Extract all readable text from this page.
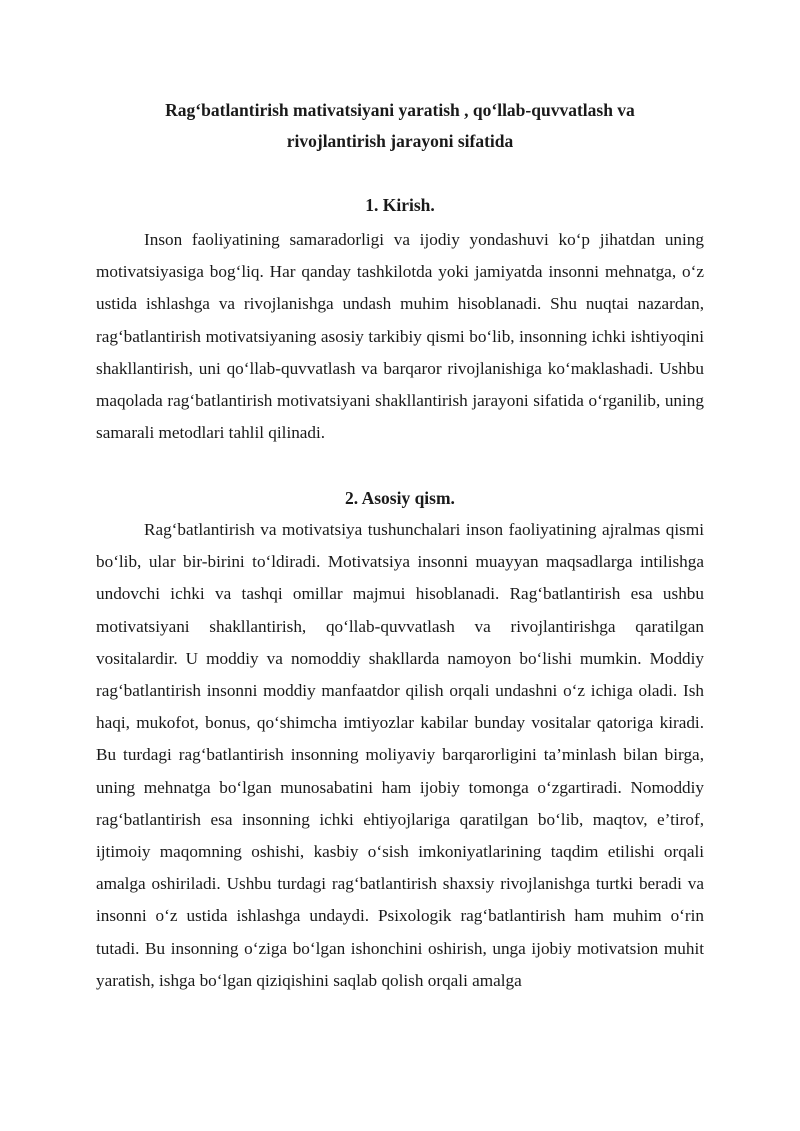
Rag‘batlantirish mativatsiyani yaratish , qo‘llab-quvvatlash va
rivojlantirish jarayoni sifatida
1. Kirish.

Inson faoliyatining samaradorligi va ijodiy yondashuvi ko‘p jihatdan uning motivatsiyasiga bog‘liq. Har qanday tashkilotda yoki jamiyatda insonni mehnatga, o‘z ustida ishlashga va rivojlanishga undash muhim hisoblanadi. Shu nuqtai nazardan, rag‘batlantirish motivatsiyaning asosiy tarkibiy qismi bo‘lib, insonning ichki ishtiyoqini shakllantirish, uni qo‘llab-quvvatlash va barqaror rivojlanishiga ko‘maklashadi. Ushbu maqolada rag‘batlantirish motivatsiyani shakllantirish jarayoni sifatida o‘rganilib, uning samarali metodlari tahlil qilinadi.

2. Asosiy qism.

Rag‘batlantirish va motivatsiya tushunchalari inson faoliyatining ajralmas qismi bo‘lib, ular bir-birini to‘ldiradi. Motivatsiya insonni muayyan maqsadlarga intilishga undovchi ichki va tashqi omillar majmui hisoblanadi. Rag‘batlantirish esa ushbu motivatsiyani shakllantirish, qo‘llab-quvvatlash va rivojlantirishga qaratilgan vositalardir. U moddiy va nomoddiy shakllarda namoyon bo‘lishi mumkin. Moddiy rag‘batlantirish insonni moddiy manfaatdor qilish orqali undashni o‘z ichiga oladi. Ish haqi, mukofot, bonus, qo‘shimcha imtiyozlar kabilar bunday vositalar qatoriga kiradi. Bu turdagi rag‘batlantirish insonning moliyaviy barqarorligini ta’minlash bilan birga, uning mehnatga bo‘lgan munosabatini ham ijobiy tomonga o‘zgartiradi. Nomoddiy rag‘batlantirish esa insonning ichki ehtiyojlariga qaratilgan bo‘lib, maqtov, e’tirof, ijtimoiy maqomning oshishi, kasbiy o‘sish imkoniyatlarining taqdim etilishi orqali amalga oshiriladi. Ushbu turdagi rag‘batlantirish shaxsiy rivojlanishga turtki beradi va insonni o‘z ustida ishlashga undaydi. Psixologik rag‘batlantirish ham muhim o‘rin tutadi. Bu insonning o‘ziga bo‘lgan ishonchini oshirish, unga ijobiy motivatsion muhit yaratish, ishga bo‘lgan qiziqishini saqlab qolish orqali amalga
